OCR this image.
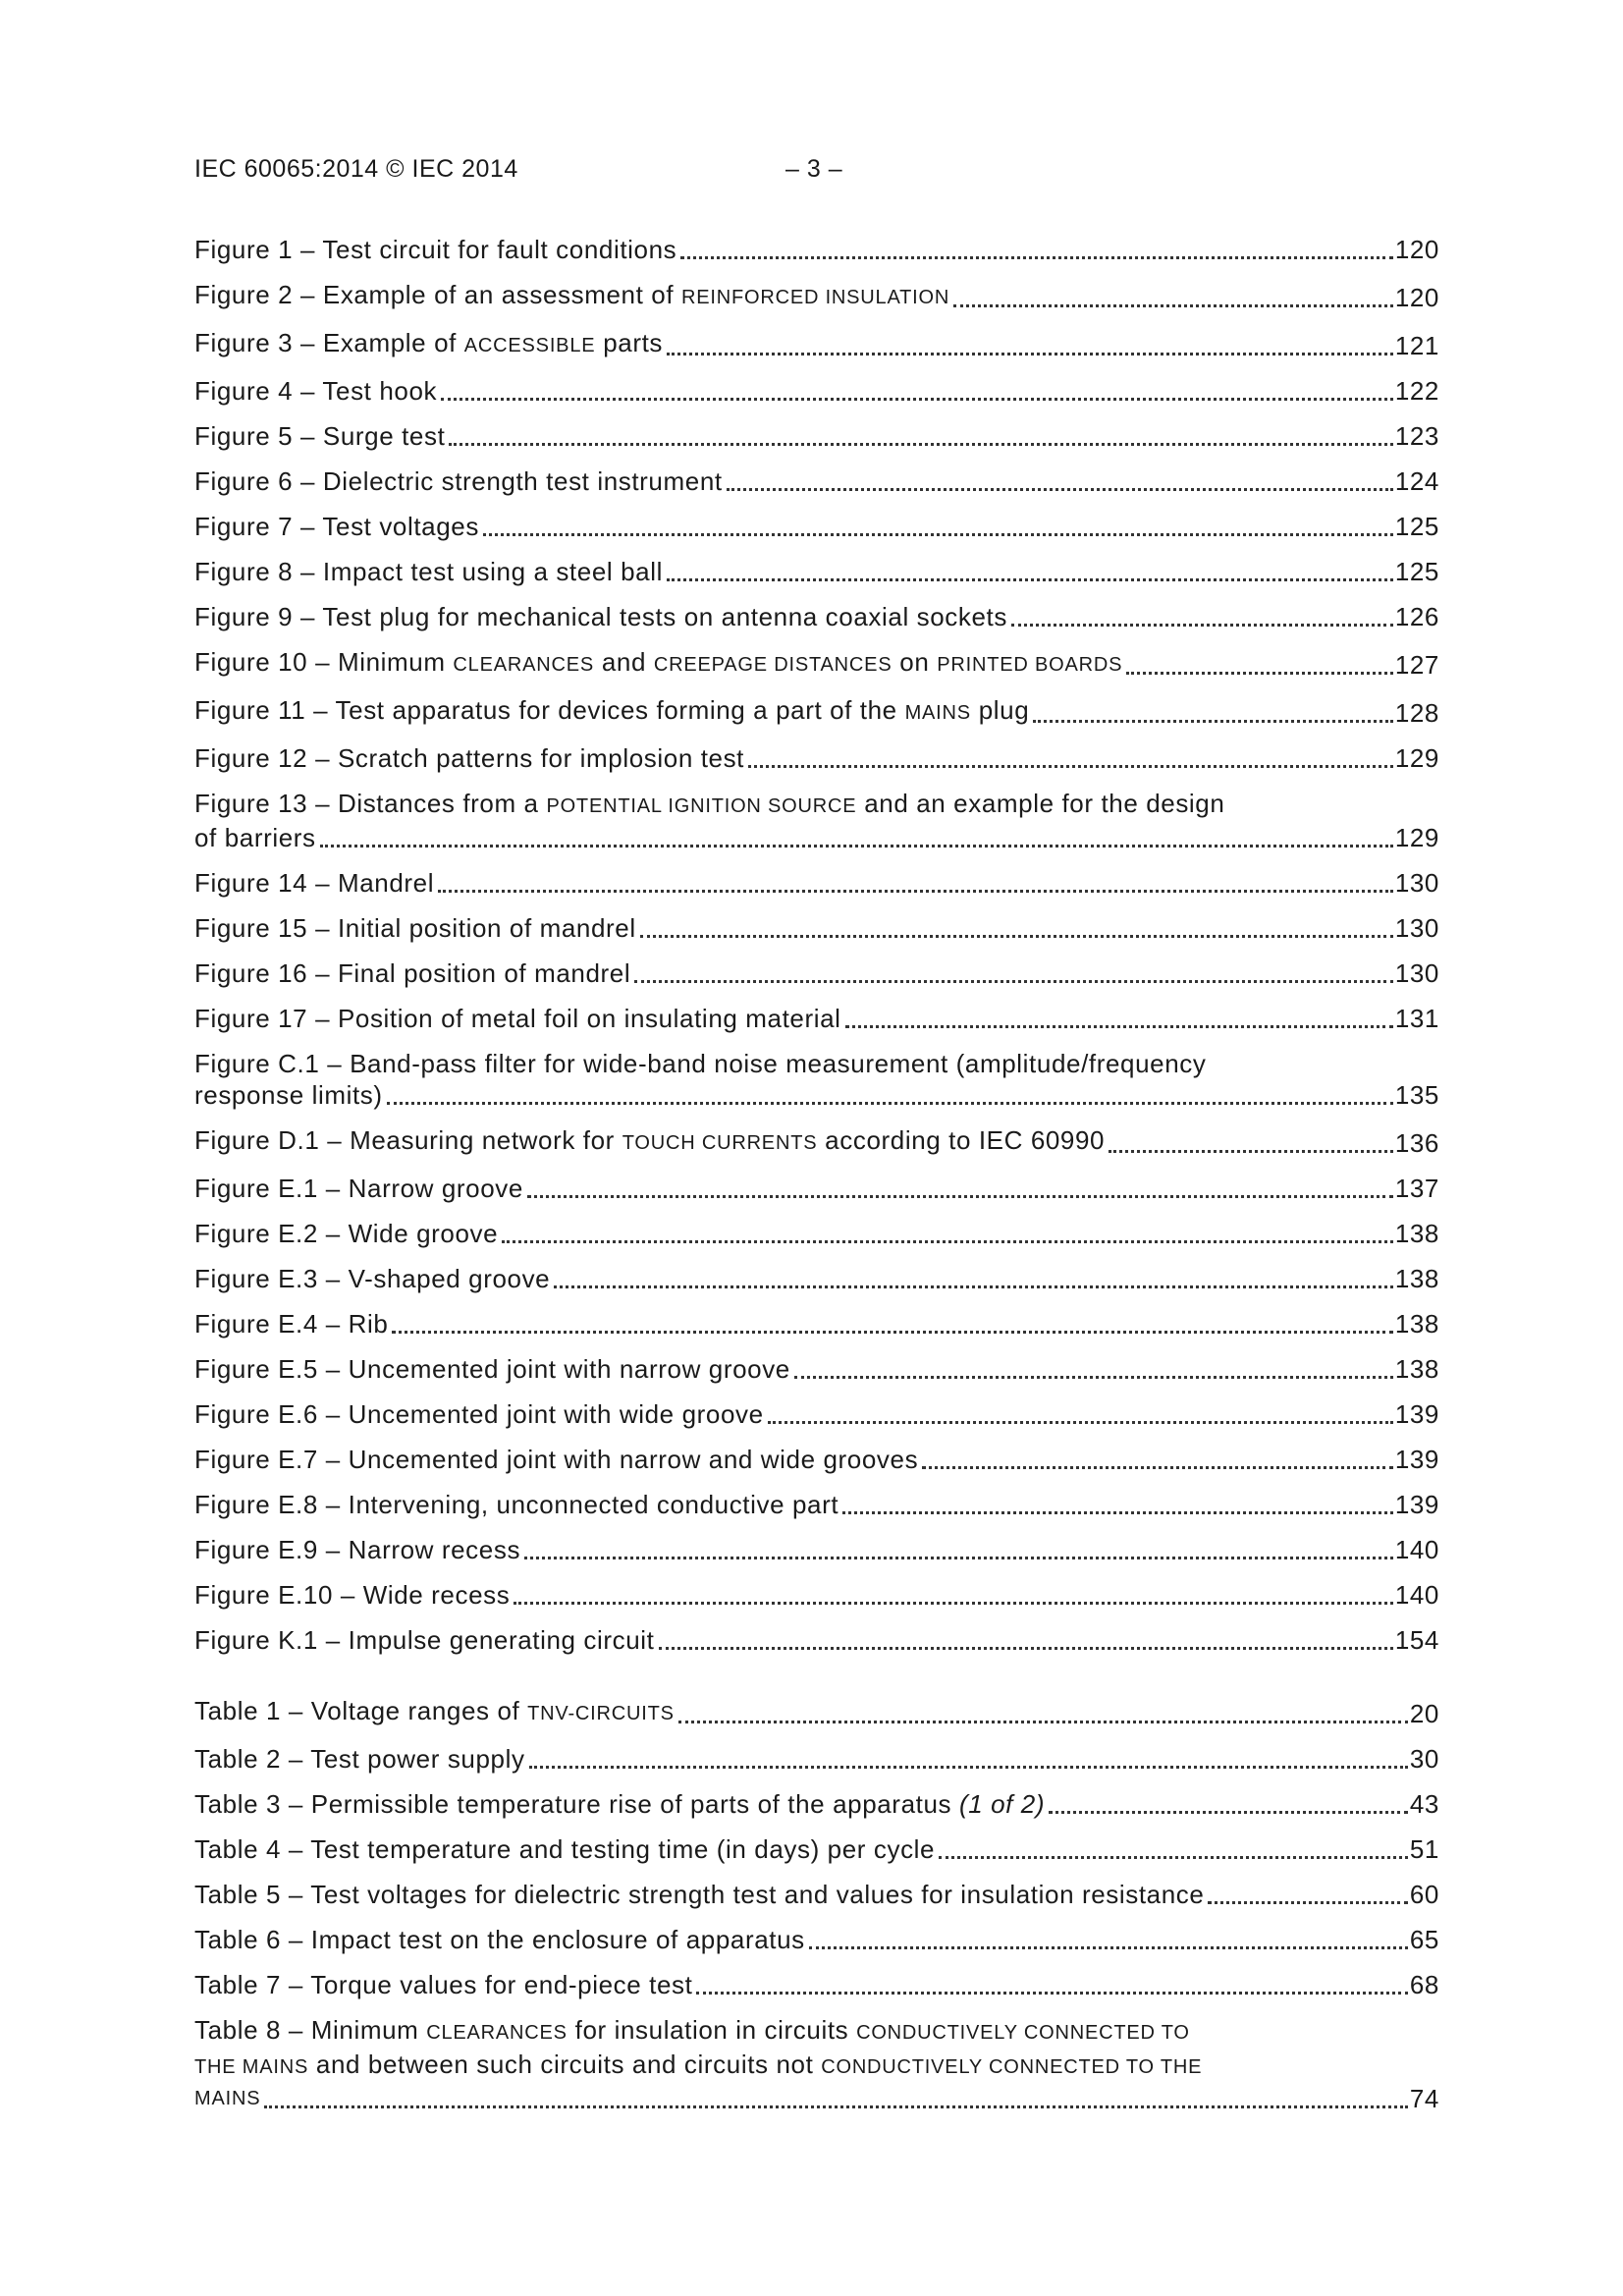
IEC 60065:2014 © IEC 2014	– 3 –
Figure 1 – Test circuit for fault conditions	120
Figure 2 – Example of an assessment of REINFORCED INSULATION	120
Figure 3 – Example of ACCESSIBLE parts	121
Figure 4 – Test hook	122
Figure 5 – Surge test	123
Figure 6 – Dielectric strength test instrument	124
Figure 7 – Test voltages	125
Figure 8 – Impact test using a steel ball	125
Figure 9 – Test plug for mechanical tests on antenna coaxial sockets	126
Figure 10 – Minimum CLEARANCES and CREEPAGE DISTANCES on PRINTED BOARDS	127
Figure 11 – Test apparatus for devices forming a part of the MAINS plug	128
Figure 12 – Scratch patterns for implosion test	129
Figure 13 – Distances from a POTENTIAL IGNITION SOURCE and an example for the design
of barriers	129
Figure 14 – Mandrel	130
Figure 15 – Initial position of mandrel	130
Figure 16 – Final position of mandrel	130
Figure 17 – Position of metal foil on insulating material	131
Figure C.1 – Band-pass filter for wide-band noise measurement (amplitude/frequency
response limits)	135
Figure D.1 – Measuring network for TOUCH CURRENTS according to IEC 60990	136
Figure E.1 – Narrow groove	137
Figure E.2 – Wide groove	138
Figure E.3 – V-shaped groove	138
Figure E.4 – Rib	138
Figure E.5 – Uncemented joint with narrow groove	138
Figure E.6 – Uncemented joint with wide groove	139
Figure E.7 – Uncemented joint with narrow and wide grooves	139
Figure E.8 – Intervening, unconnected conductive part	139
Figure E.9 – Narrow recess	140
Figure E.10 – Wide recess	140
Figure K.1 – Impulse generating circuit	154
Table 1 – Voltage ranges of TNV-CIRCUITS	20
Table 2 – Test power supply	30
Table 3 – Permissible temperature rise of parts of the apparatus (1 of 2)	43
Table 4 – Test temperature and testing time (in days) per cycle	51
Table 5 – Test voltages for dielectric strength test and values for insulation resistance	60
Table 6 – Impact test on the enclosure of apparatus	65
Table 7 – Torque values for end-piece test	68
Table 8 – Minimum CLEARANCES for insulation in circuits CONDUCTIVELY CONNECTED TO
THE MAINS and between such circuits and circuits not CONDUCTIVELY CONNECTED TO THE
MAINS	74
